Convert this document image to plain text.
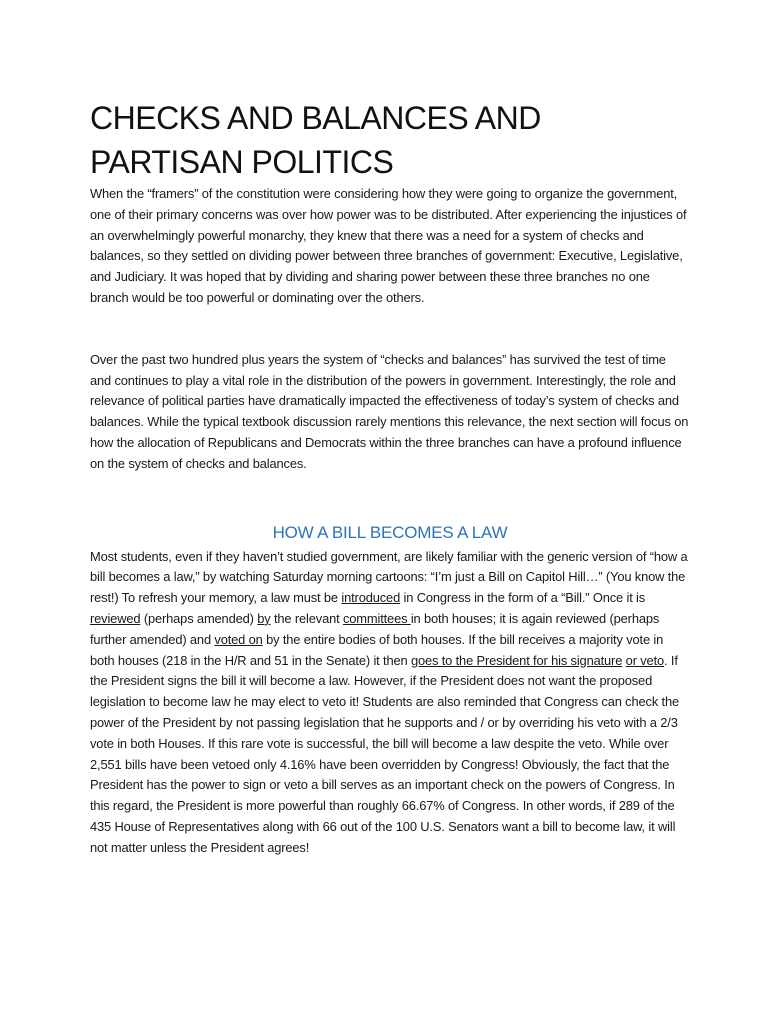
CHECKS AND BALANCES AND PARTISAN POLITICS

When the “framers” of the constitution were considering how they were going to organize the government, one of their primary concerns was over how power was to be distributed. After experiencing the injustices of an overwhelmingly powerful monarchy, they knew that there was a need for a system of checks and balances, so they settled on dividing power between three branches of government: Executive, Legislative, and Judiciary. It was hoped that by dividing and sharing power between these three branches no one branch would be too powerful or dominating over the others.

Over the past two hundred plus years the system of “checks and balances” has survived the test of time and continues to play a vital role in the distribution of the powers in government. Interestingly, the role and relevance of political parties have dramatically impacted the effectiveness of today’s system of checks and balances. While the typical textbook discussion rarely mentions this relevance, the next section will focus on how the allocation of Republicans and Democrats within the three branches can have a profound influence on the system of checks and balances.

HOW A BILL BECOMES A LAW

Most students, even if they haven’t studied government, are likely familiar with the generic version of “how a bill becomes a law,” by watching Saturday morning cartoons: “I’m just a Bill on Capitol Hill…” (You know the rest!) To refresh your memory, a law must be introduced in Congress in the form of a “Bill.” Once it is reviewed (perhaps amended) by the relevant committees in both houses; it is again reviewed (perhaps further amended) and voted on by the entire bodies of both houses. If the bill receives a majority vote in both houses (218 in the H/R and 51 in the Senate) it then goes to the President for his signature or veto. If the President signs the bill it will become a law. However, if the President does not want the proposed legislation to become law he may elect to veto it! Students are also reminded that Congress can check the power of the President by not passing legislation that he supports and / or by overriding his veto with a 2/3 vote in both Houses. If this rare vote is successful, the bill will become a law despite the veto. While over 2,551 bills have been vetoed only 4.16% have been overridden by Congress! Obviously, the fact that the President has the power to sign or veto a bill serves as an important check on the powers of Congress. In this regard, the President is more powerful than roughly 66.67% of Congress. In other words, if 289 of the 435 House of Representatives along with 66 out of the 100 U.S. Senators want a bill to become law, it will not matter unless the President agrees!
